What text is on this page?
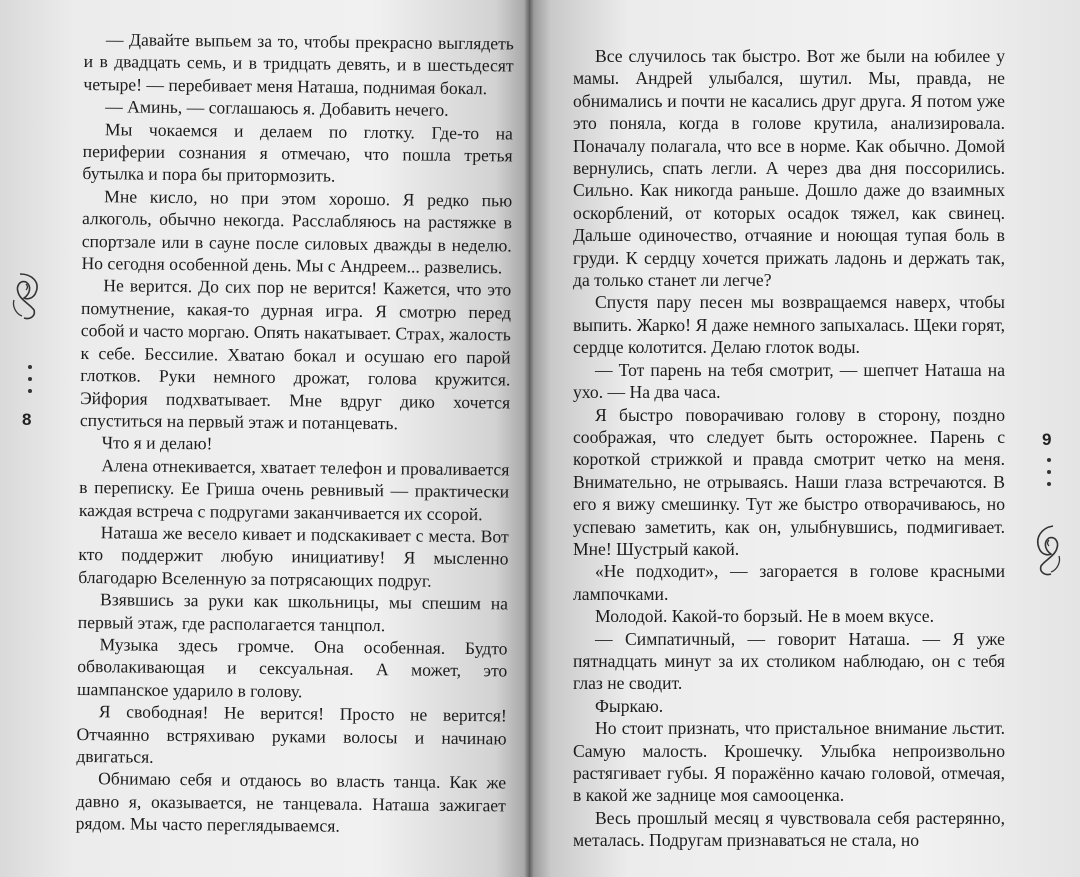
8

— Давайте выпьем за то, чтобы прекрасно выглядеть и в двадцать семь, и в тридцать девять, и в шестьдесят четыре! — перебивает меня Наташа, поднимая бокал.

— Аминь, — соглашаюсь я. Добавить нечего.

Мы чокаемся и делаем по глотку. Где-то на периферии сознания я отмечаю, что пошла третья бутылка и пора бы притормозить.

Мне кисло, но при этом хорошо. Я редко пью алкоголь, обычно некогда. Расслабляюсь на растяжке в спортзале или в сауне после силовых дважды в неделю. Но сегодня особенной день. Мы с Андреем... развелись.

Не верится. До сих пор не верится! Кажется, что это помутнение, какая-то дурная игра. Я смотрю перед собой и часто моргаю. Опять накатывает. Страх, жалость к себе. Бессилие. Хватаю бокал и осушаю его парой глотков. Руки немного дрожат, голова кружится. Эйфория подхватывает. Мне вдруг дико хочется спуститься на первый этаж и потанцевать.

Что я и делаю!

Алена отнекивается, хватает телефон и проваливается в переписку. Ее Гриша очень ревнивый — практически каждая встреча с подругами заканчивается их ссорой.

Наташа же весело кивает и подскакивает с места. Вот кто поддержит любую инициативу! Я мысленно благодарю Вселенную за потрясающих подруг.

Взявшись за руки как школьницы, мы спешим на первый этаж, где располагается танцпол.

Музыка здесь громче. Она особенная. Будто обволакивающая и сексуальная. А может, это шампанское ударило в голову.

Я свободная! Не верится! Просто не верится! Отчаянно встряхиваю руками волосы и начинаю двигаться.

Обнимаю себя и отдаюсь во власть танца. Как же давно я, оказывается, не танцевала. Наташа зажигает рядом. Мы часто переглядываемся.

9

Все случилось так быстро. Вот же были на юбилее у мамы. Андрей улыбался, шутил. Мы, правда, не обнимались и почти не касались друг друга. Я потом уже это поняла, когда в голове крутила, анализировала. Поначалу полагала, что все в норме. Как обычно. Домой вернулись, спать легли. А через два дня поссорились. Сильно. Как никогда раньше. Дошло даже до взаимных оскорблений, от которых осадок тяжел, как свинец. Дальше одиночество, отчаяние и ноющая тупая боль в груди. К сердцу хочется прижать ладонь и держать так, да только станет ли легче?

Спустя пару песен мы возвращаемся наверх, чтобы выпить. Жарко! Я даже немного запыхалась. Щеки горят, сердце колотится. Делаю глоток воды.

— Тот парень на тебя смотрит, — шепчет Наташа на ухо. — На два часа.

Я быстро поворачиваю голову в сторону, поздно соображая, что следует быть осторожнее. Парень с короткой стрижкой и правда смотрит четко на меня. Внимательно, не отрываясь. Наши глаза встречаются. В его я вижу смешинку. Тут же быстро отворачиваюсь, но успеваю заметить, как он, улыбнувшись, подмигивает. Мне! Шустрый какой.

«Не подходит», — загорается в голове красными лампочками.

Молодой. Какой-то борзый. Не в моем вкусе.

— Симпатичный, — говорит Наташа. — Я уже пятнадцать минут за их столиком наблюдаю, он с тебя глаз не сводит.

Фыркаю.

Но стоит признать, что пристальное внимание льстит. Самую малость. Крошечку. Улыбка непроизвольно растягивает губы. Я поражённо качаю головой, отмечая, в какой же заднице моя самооценка.

Весь прошлый месяц я чувствовала себя растерянно, металась. Подругам признаваться не стала, но
